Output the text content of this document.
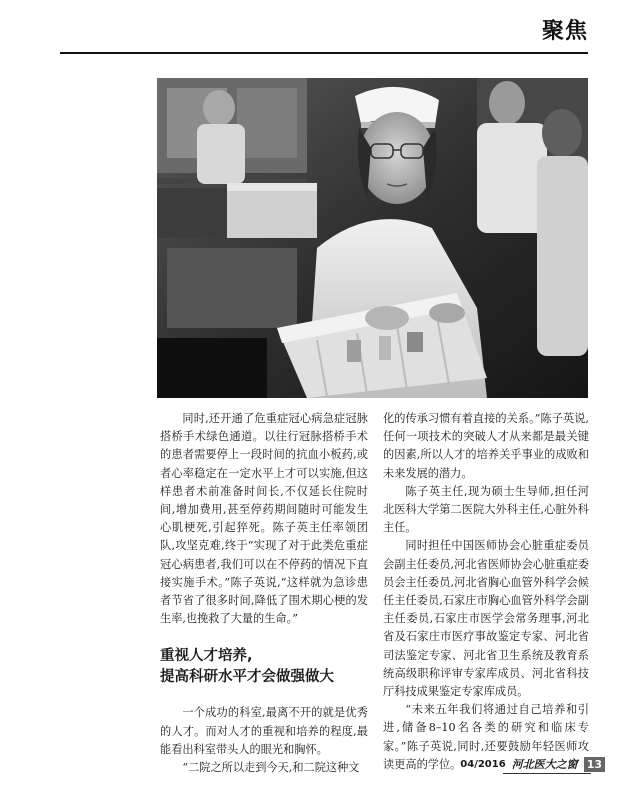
聚焦

同时,还开通了危重症冠心病急症冠脉搭桥手术绿色通道。以往行冠脉搭桥手术的患者需要停上一段时间的抗血小板药,或者心率稳定在一定水平上才可以实施,但这样患者术前准备时间长,不仅延长住院时间,增加费用,甚至停药期间随时可能发生心肌梗死,引起猝死。陈子英主任率领团队,攻坚克难,终于“实现了对于此类危重症冠心病患者,我们可以在不停药的情况下直接实施手术。”陈子英说,“这样就为急诊患者节省了很多时间,降低了围术期心梗的发生率,也挽救了大量的生命。”

重视人才培养,
提高科研水平才会做强做大

一个成功的科室,最离不开的就是优秀的人才。而对人才的重视和培养的程度,最能看出科室带头人的眼光和胸怀。

“二院之所以走到今天,和二院这种文

化的传承习惯有着直接的关系。”陈子英说,任何一项技术的突破人才从来都是最关键的因素,所以人才的培养关乎事业的成败和未来发展的潜力。

陈子英主任,现为硕士生导师,担任河北医科大学第二医院大外科主任,心脏外科主任。

同时担任中国医师协会心脏重症委员会副主任委员,河北省医师协会心脏重症委员会主任委员,河北省胸心血管外科学会候任主任委员,石家庄市胸心血管外科学会副主任委员,石家庄市医学会常务理事,河北省及石家庄市医疗事故鉴定专家、河北省司法鉴定专家、河北省卫生系统及教育系统高级职称评审专家库成员、河北省科技厅科技成果鉴定专家库成员。

“未来五年我们将通过自己培养和引进,储备8–10名各类的研究和临床专家。”陈子英说,同时,还要鼓励年轻医师攻读更高的学位。

04/2016 河北医大之窗 13
